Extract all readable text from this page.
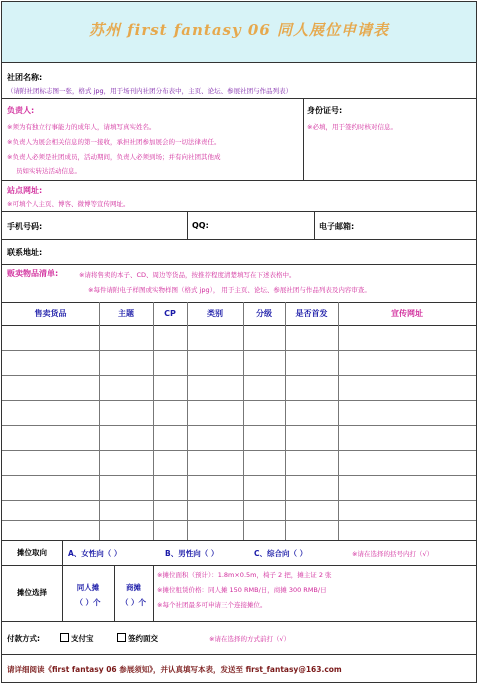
苏州 first fantasy 06 同人展位申请表
社团名称:
（请附社团标志图一张，格式 jpg，用于场刊内社团分布表中，主页、论坛、参展社团与作品列表）
负责人:
※须为有独立行事能力的成年人，请填写真实姓名。
※负责人为展会相关信息的第一接收，承担社团参加展会的一切法律责任。
※负责人必须是社团成员，活动期间，负责人必须到场；并有向社团其他成
员如实转达活动信息。
身份证号:
※必填，用于签约时核对信息。
站点网址:
※可填个人主页、博客、微博等宣传网址。
手机号码:	QQ:	电子邮箱:
联系地址:
贩卖物品清单:	※请将售卖的本子、CD、周边等货品，按推荐程度清楚填写在下述表格中。
※每件请附电子样图或实物样图（格式 jpg）， 用于主页、论坛、参展社团与作品列表及内容审查。
售卖货品	主题	CP	类别	分级	是否首发	宣传网址
摊位取向	A、女性向（ ）	B、男性向（ ）	C、综合向（ ）	※请在选择的括号内打（√）
摊位选择
同人摊
（ ）个
商摊
（ ）个
※摊位面积（预计）：1.8m×0.5m，椅子 2 把，摊主证 2 张
※摊位租赁价格：同人摊 150 RMB/日，商摊 300 RMB/日
※每个社团最多可申请三个连接摊位。
付款方式:	支付宝	签约面交	※请在选择的方式前打（√）
请详细阅读《first fantasy 06 参展须知》，并认真填写本表，发送至 first_fantasy@163.com
